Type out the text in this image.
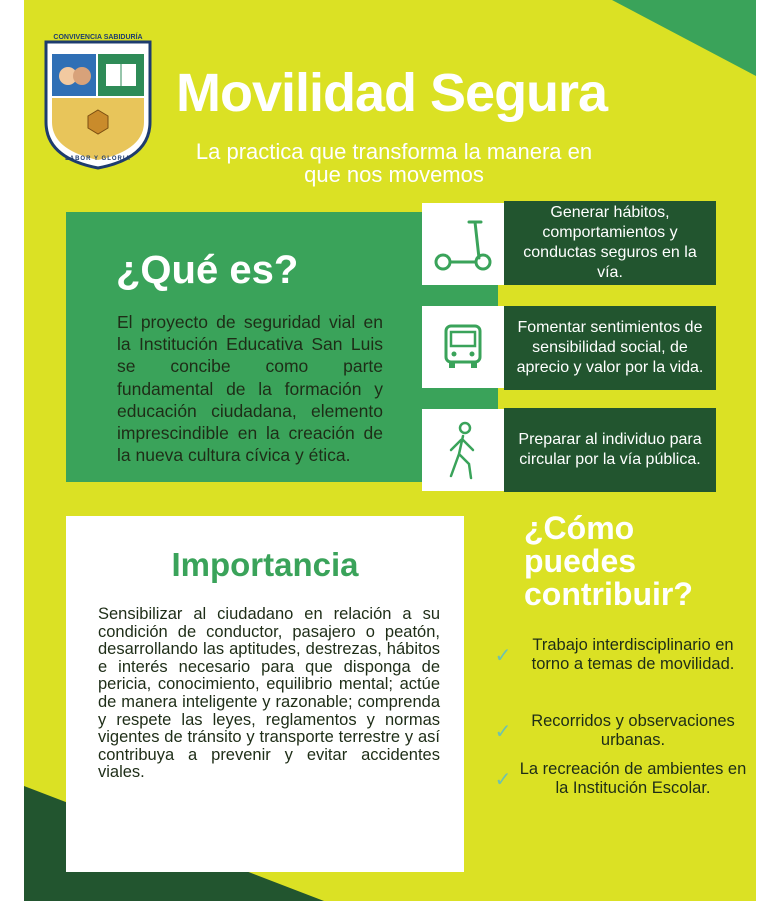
CONVIVENCIA SABIDURÍA
LABOR Y GLORIA
Movilidad Segura
La practica que transforma la manera en que nos movemos
¿Qué es?
El proyecto de seguridad vial en la Institución Educativa San Luis se concibe como parte fundamental de la formación y educación ciudadana, elemento imprescindible en la creación de la nueva cultura cívica y ética.
Generar hábitos, comportamientos y conductas seguros en la vía.
Fomentar sentimientos de sensibilidad social, de aprecio y valor por la vida.
Preparar al individuo para circular por la vía pública.
Importancia
Sensibilizar al ciudadano en relación a su condición de conductor, pasajero o peatón, desarrollando las aptitudes, destrezas, hábitos e interés necesario para que disponga de pericia, conocimiento, equilibrio mental; actúe de manera inteligente y razonable; comprenda y respete las leyes, reglamentos y normas vigentes de tránsito y transporte terrestre y así contribuya a prevenir y evitar accidentes viales.
¿Cómo puedes contribuir?
✓	Trabajo interdisciplinario en torno a temas de movilidad.
✓	Recorridos y observaciones urbanas.
✓ La recreación de ambientes en la Institución Escolar.
